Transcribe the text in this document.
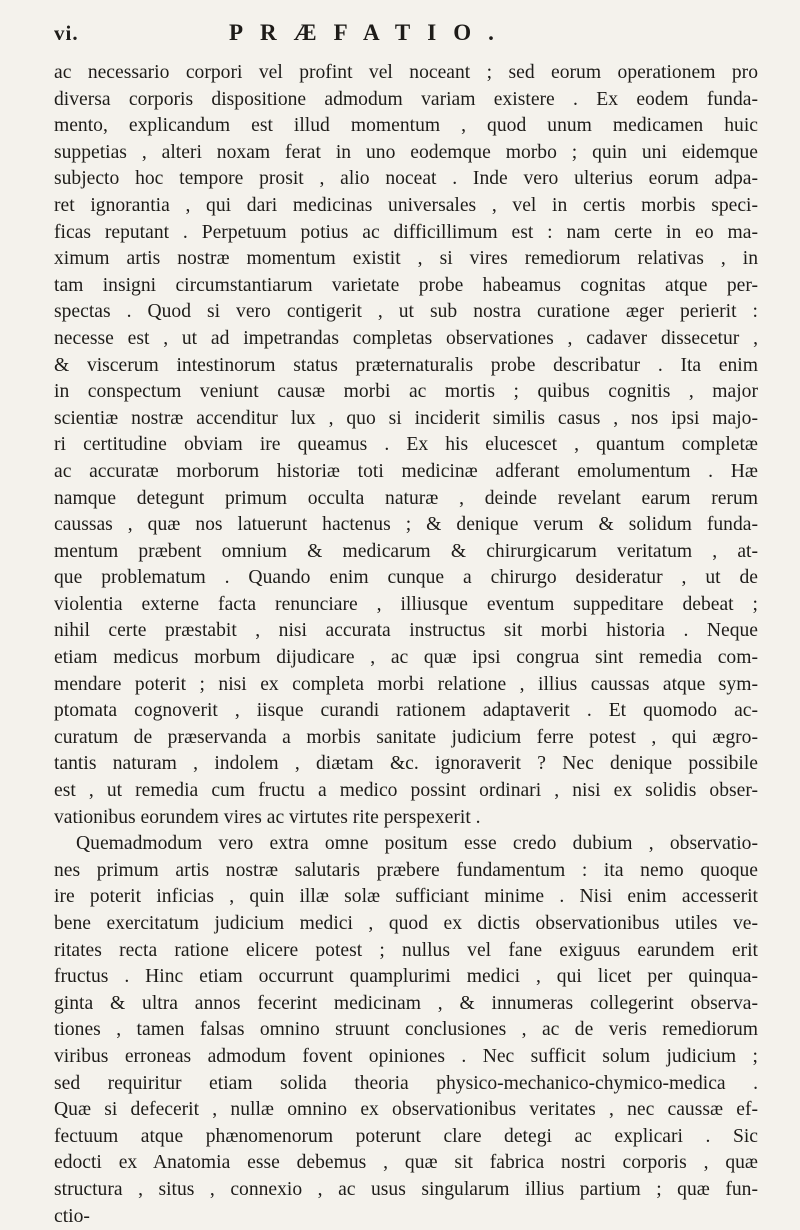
vi.	PRÆFATIO.
ac necessario corpori vel profint vel noceant ; sed eorum operationem pro
diversa corporis dispositione admodum variam existere . Ex eodem funda-
mento, explicandum est illud momentum , quod unum medicamen huic
suppetias , alteri noxam ferat in uno eodemque morbo ; quin uni eidemque
subjecto hoc tempore prosit , alio noceat . Inde vero ulterius eorum adpa-
ret ignorantia , qui dari medicinas universales , vel in certis morbis speci-
ficas reputant . Perpetuum potius ac difficillimum est : nam certe in eo ma-
ximum artis nostræ momentum existit , si vires remediorum relativas , in
tam insigni circumstantiarum varietate probe habeamus cognitas atque per-
spectas . Quod si vero contigerit , ut sub nostra curatione æger perierit :
necesse est , ut ad impetrandas completas observationes , cadaver dissecetur ,
& viscerum intestinorum status præternaturalis probe describatur . Ita enim
in conspectum veniunt causæ morbi ac mortis ; quibus cognitis , major
scientiæ nostræ accenditur lux , quo si inciderit similis casus , nos ipsi majo-
ri certitudine obviam ire queamus . Ex his elucescet , quantum completæ
ac accuratæ morborum historiæ toti medicinæ adferant emolumentum . Hæ
namque detegunt primum occulta naturæ , deinde revelant earum rerum
caussas , quæ nos latuerunt hactenus ; & denique verum & solidum funda-
mentum præbent omnium & medicarum & chirurgicarum veritatum , at-
que problematum . Quando enim cunque a chirurgo desideratur , ut de
violentia externe facta renunciare , illiusque eventum suppeditare debeat ;
nihil certe præstabit , nisi accurata instructus sit morbi historia . Neque
etiam medicus morbum dijudicare , ac quæ ipsi congrua sint remedia com-
mendare poterit ; nisi ex completa morbi relatione , illius caussas atque sym-
ptomata cognoverit , iisque curandi rationem adaptaverit . Et quomodo ac-
curatum de præservanda a morbis sanitate judicium ferre potest , qui ægro-
tantis naturam , indolem , diætam &c. ignoraverit ? Nec denique possibile
est , ut remedia cum fructu a medico possint ordinari , nisi ex solidis obser-
vationibus eorundem vires ac virtutes rite perspexerit .
Quemadmodum vero extra omne positum esse credo dubium , observatio-
nes primum artis nostræ salutaris præbere fundamentum : ita nemo quoque
ire poterit inficias , quin illæ solæ sufficiant minime . Nisi enim accesserit
bene exercitatum judicium medici , quod ex dictis observationibus utiles ve-
ritates recta ratione elicere potest ; nullus vel fane exiguus earundem erit
fructus . Hinc etiam occurrunt quamplurimi medici , qui licet per quinqua-
ginta & ultra annos fecerint medicinam , & innumeras collegerint observa-
tiones , tamen falsas omnino struunt conclusiones , ac de veris remediorum
viribus erroneas admodum fovent opiniones . Nec sufficit solum judicium ;
sed requiritur etiam solida theoria physico-mechanico-chymico-medica .
Quæ si defecerit , nullæ omnino ex observationibus veritates , nec caussæ ef-
fectuum atque phænomenorum poterunt clare detegi ac explicari . Sic
edocti ex Anatomia esse debemus , quæ sit fabrica nostri corporis , quæ
structura , situs , connexio , ac usus singularum illius partium ; quæ fun-
ctio-
